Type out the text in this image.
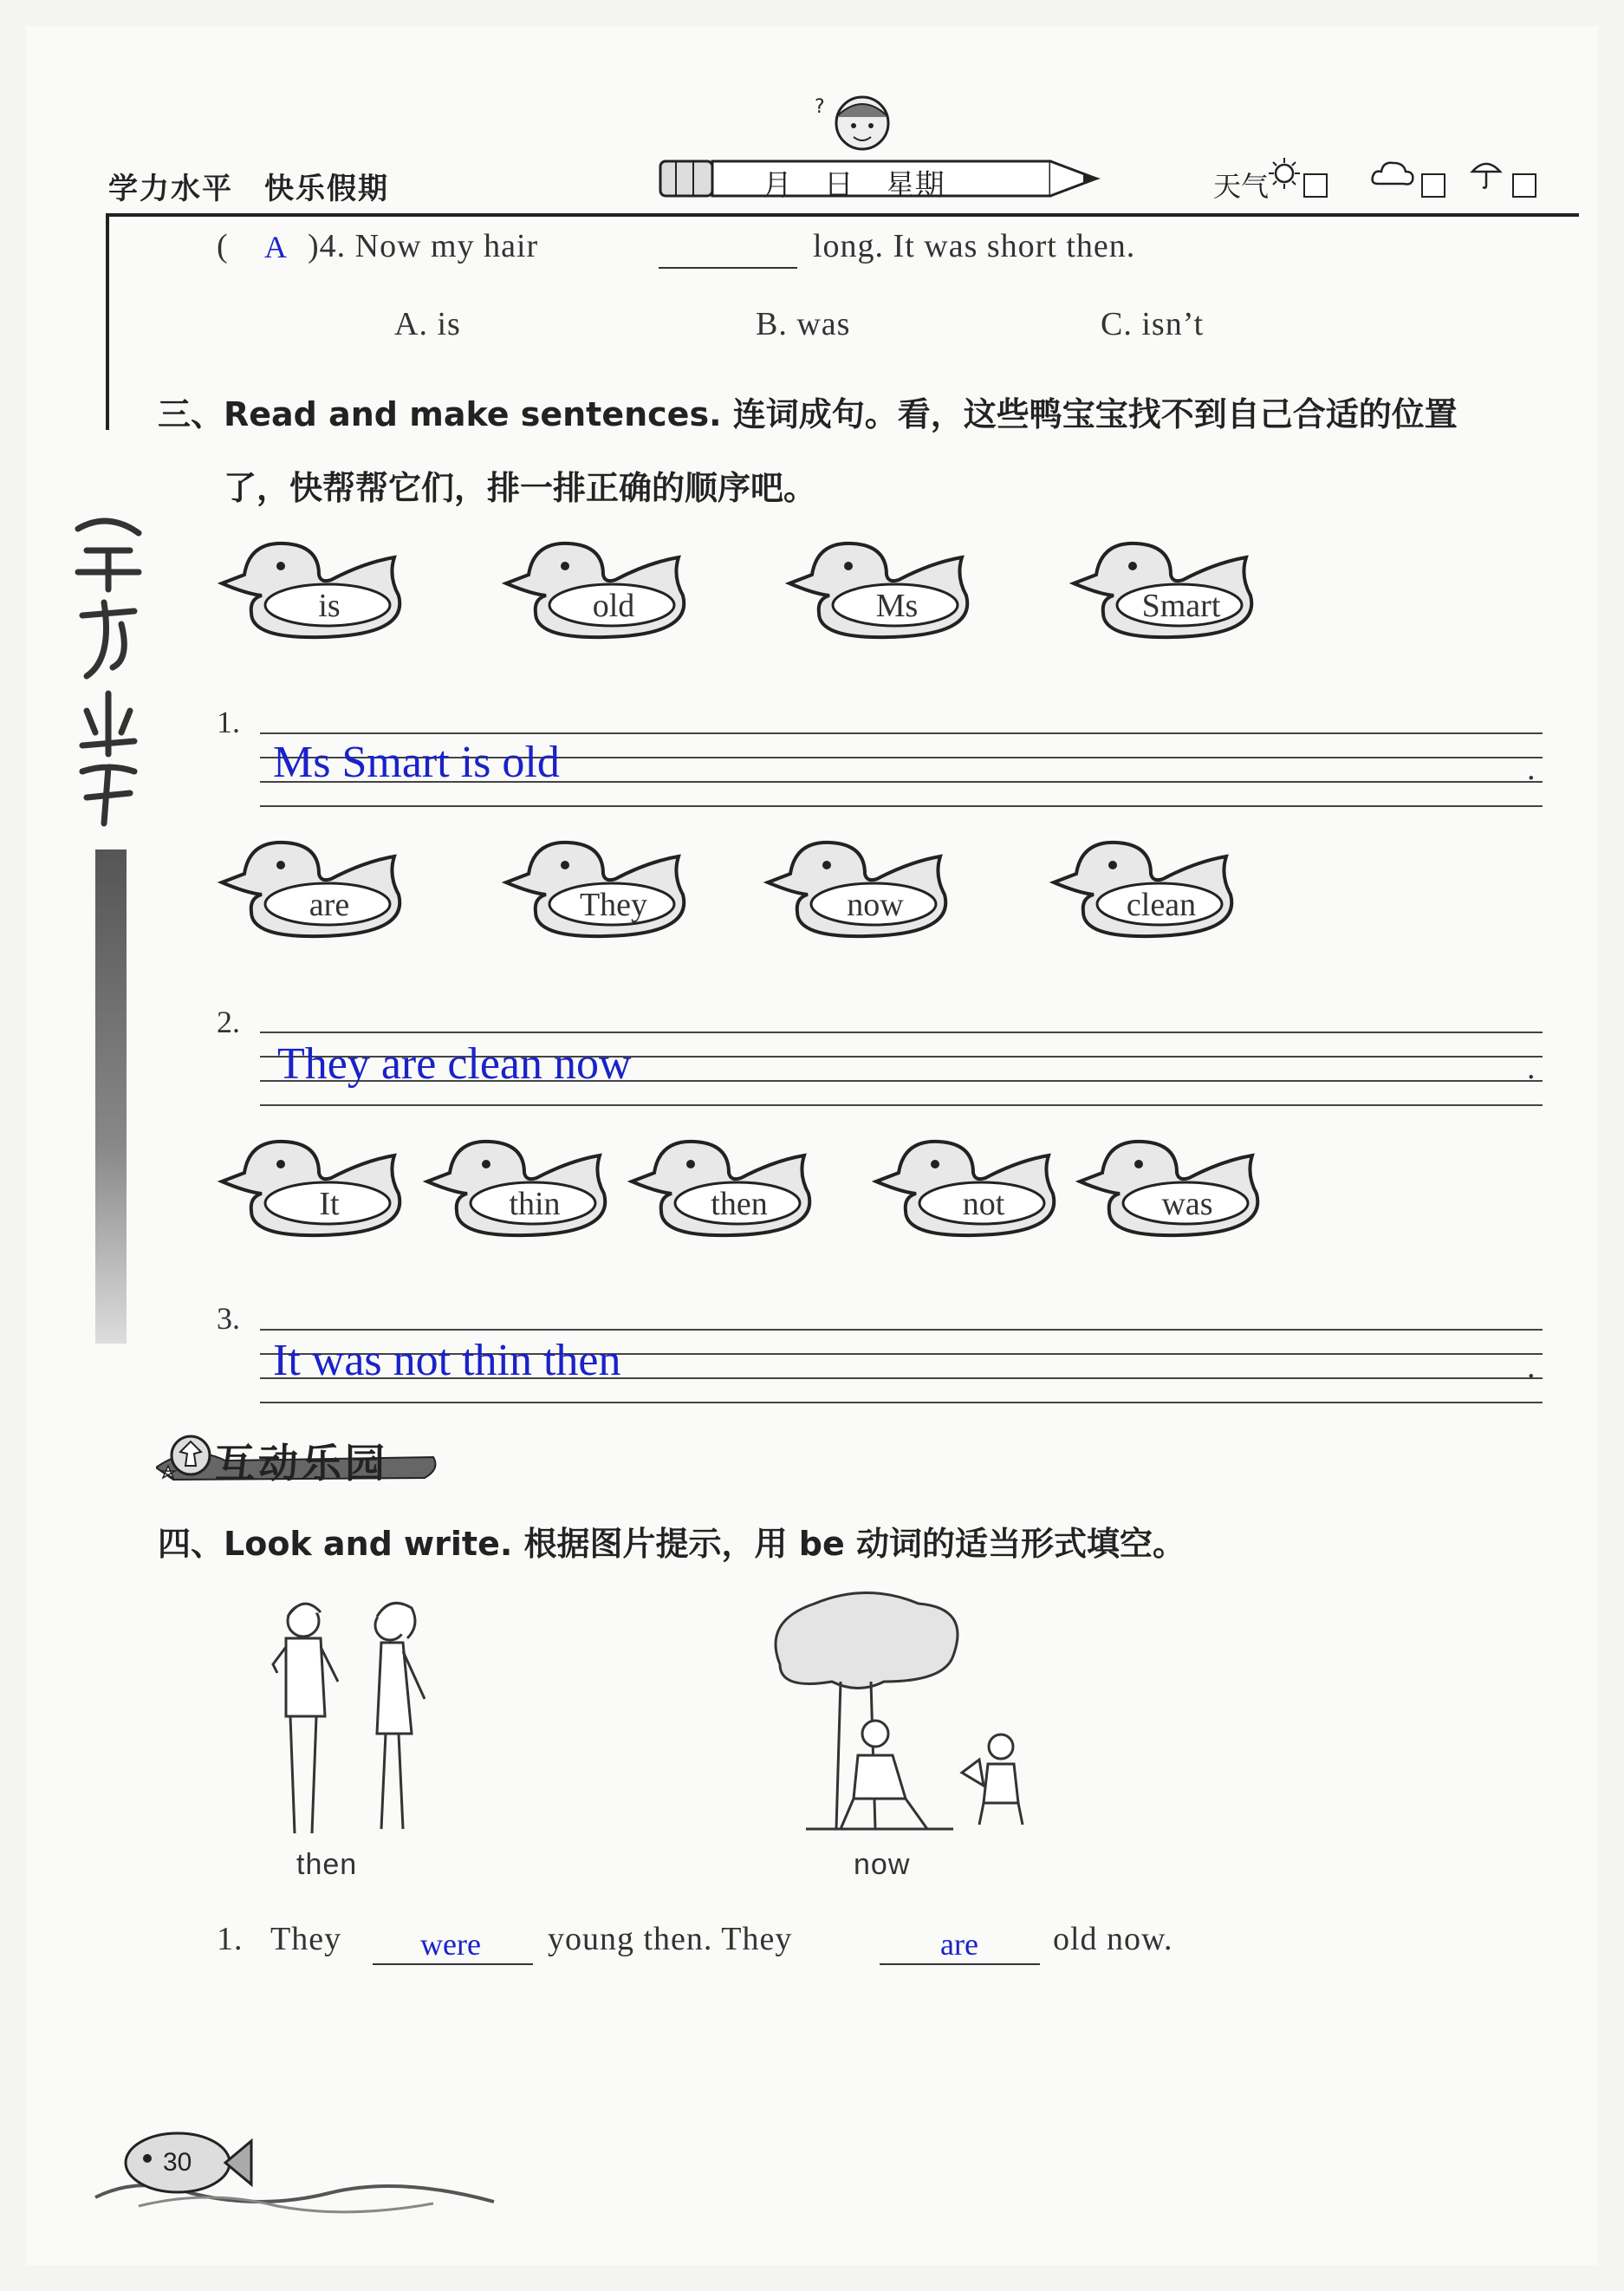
学力水平　快乐假期	月 日 星期
?
天气
( A )4. Now my hair	long. It was short then.
A. is	B. was	C. isn’t
三、Read and make sentences. 连词成句。看，这些鸭宝宝找不到自己合适的位置
了，快帮帮它们，排一排正确的顺序吧。
is	old	Ms	Smart
1.
Ms Smart is old	.
are	They	now	clean
2.
They are clean now	.
It	thin	then	not	was
3.
It was not thin then	.
互动乐园
四、Look and write. 根据图片提示，用 be 动词的适当形式填空。
then	now
1. They	were young then. They	are old now.
30
